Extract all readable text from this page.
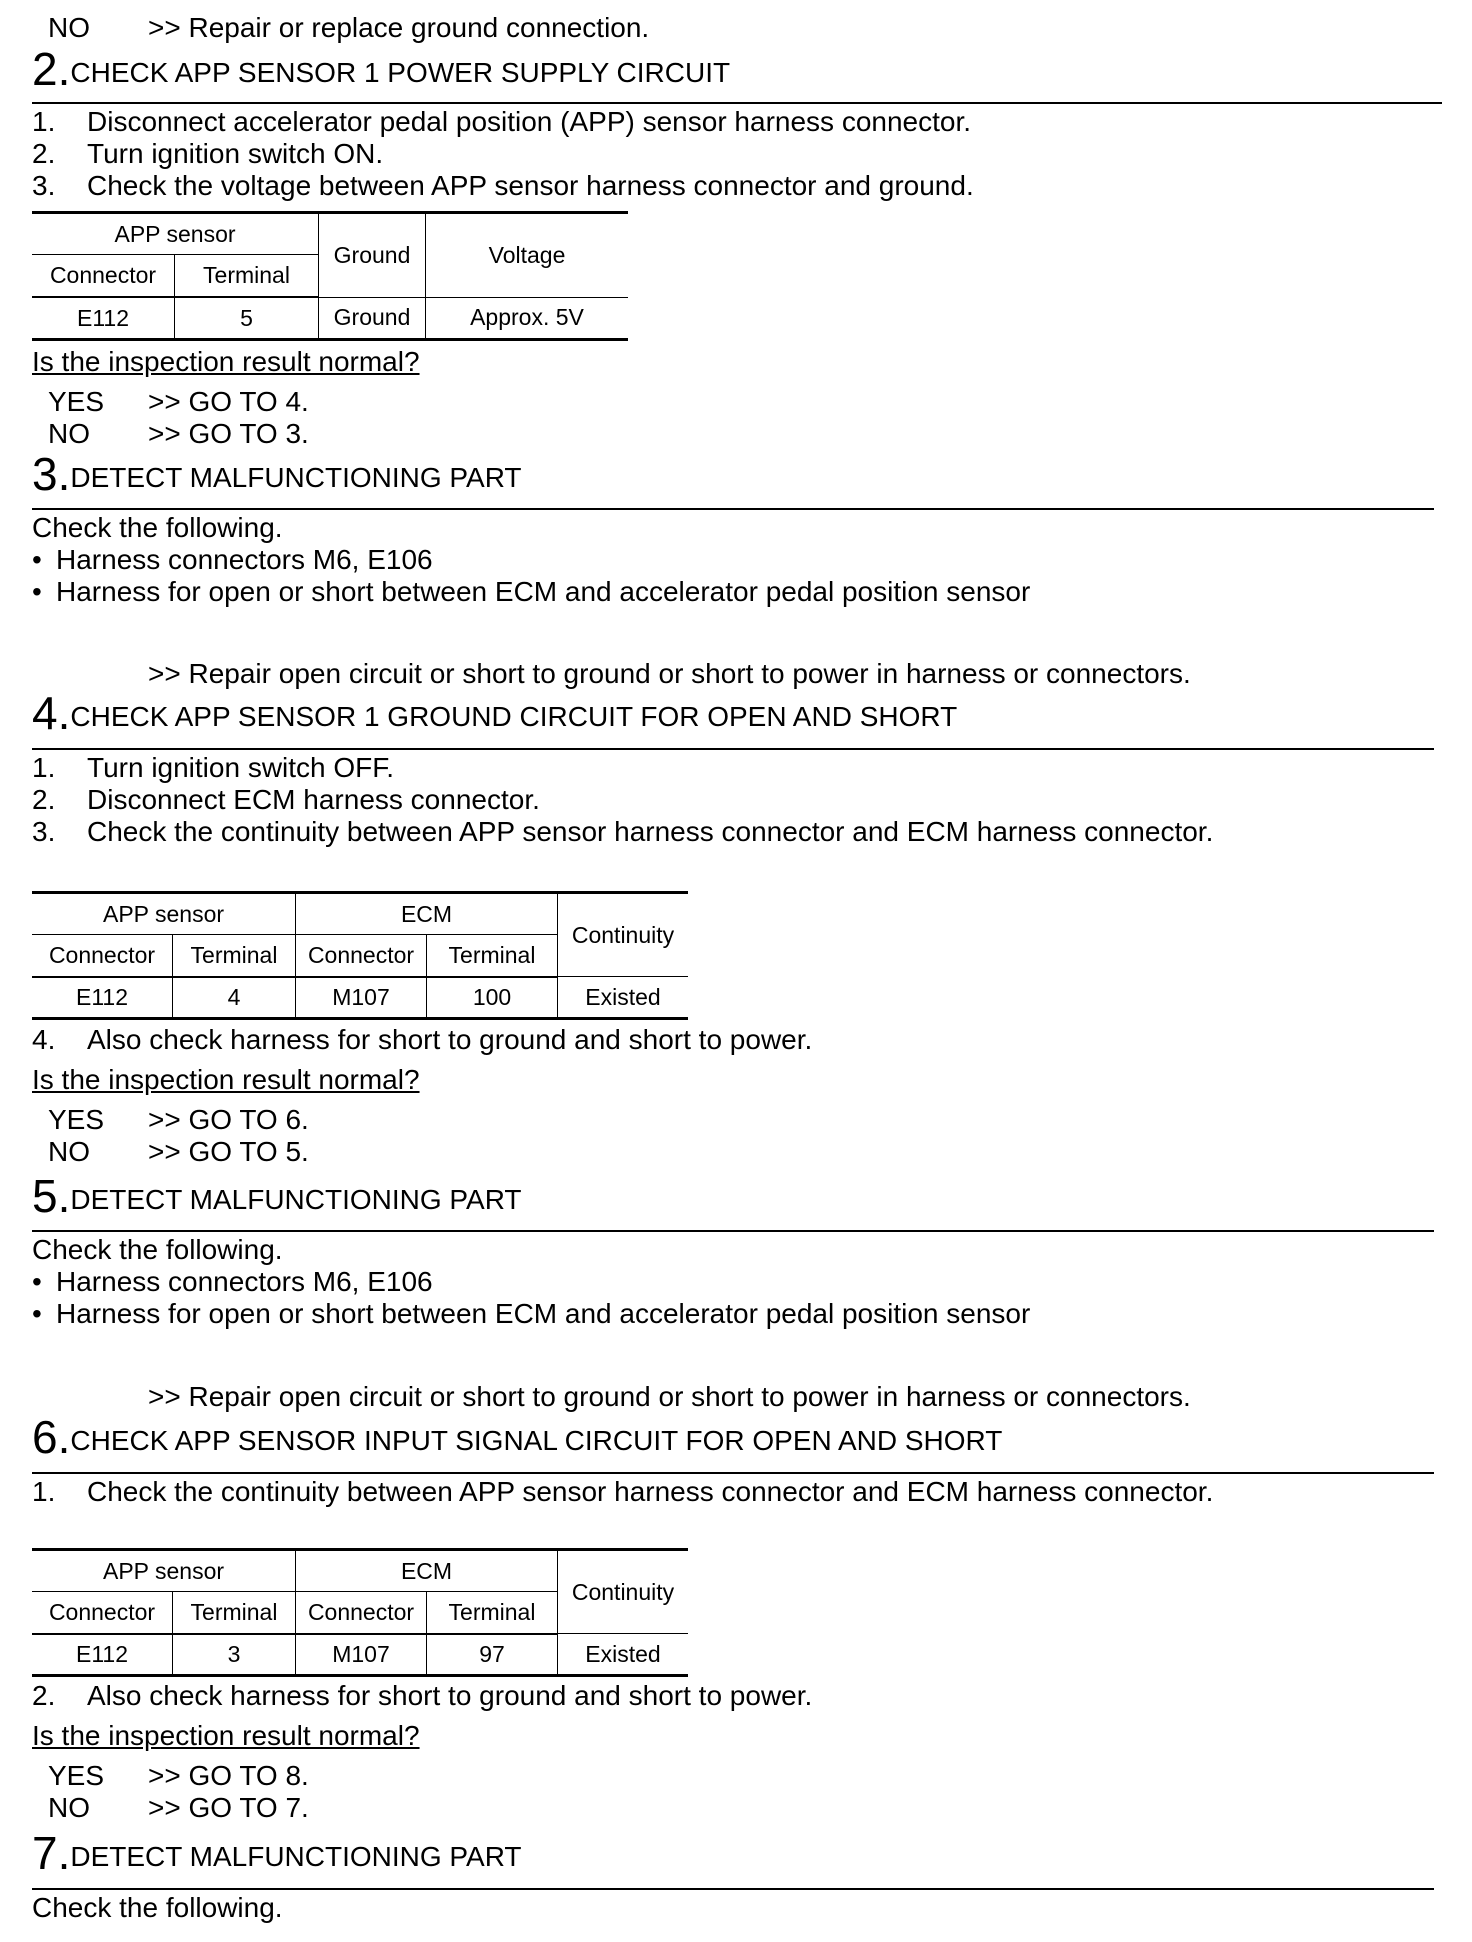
NO >> Repair or replace ground connection.
2.CHECK APP SENSOR 1 POWER SUPPLY CIRCUIT
1. Disconnect accelerator pedal position (APP) sensor harness connector.
2. Turn ignition switch ON.
3. Check the voltage between APP sensor harness connector and ground.
APP sensor		Ground	Voltage
Connector	Terminal		
E112	5	Ground	Approx. 5V
Is the inspection result normal?
YES >> GO TO 4.
NO >> GO TO 3.
3.DETECT MALFUNCTIONING PART
Check the following.
• Harness connectors M6, E106
• Harness for open or short between ECM and accelerator pedal position sensor
>> Repair open circuit or short to ground or short to power in harness or connectors.
4.CHECK APP SENSOR 1 GROUND CIRCUIT FOR OPEN AND SHORT
1. Turn ignition switch OFF.
2. Disconnect ECM harness connector.
3. Check the continuity between APP sensor harness connector and ECM harness connector.
APP sensor		ECM		Continuity
Connector	Terminal	Connector	Terminal	
E112	4	M107	100	Existed
4. Also check harness for short to ground and short to power.
Is the inspection result normal?
YES >> GO TO 6.
NO >> GO TO 5.
5.DETECT MALFUNCTIONING PART
Check the following.
• Harness connectors M6, E106
• Harness for open or short between ECM and accelerator pedal position sensor
>> Repair open circuit or short to ground or short to power in harness or connectors.
6.CHECK APP SENSOR INPUT SIGNAL CIRCUIT FOR OPEN AND SHORT
1. Check the continuity between APP sensor harness connector and ECM harness connector.
APP sensor		ECM		Continuity
Connector	Terminal	Connector	Terminal	
E112	3	M107	97	Existed
2. Also check harness for short to ground and short to power.
Is the inspection result normal?
YES >> GO TO 8.
NO >> GO TO 7.
7.DETECT MALFUNCTIONING PART
Check the following.
